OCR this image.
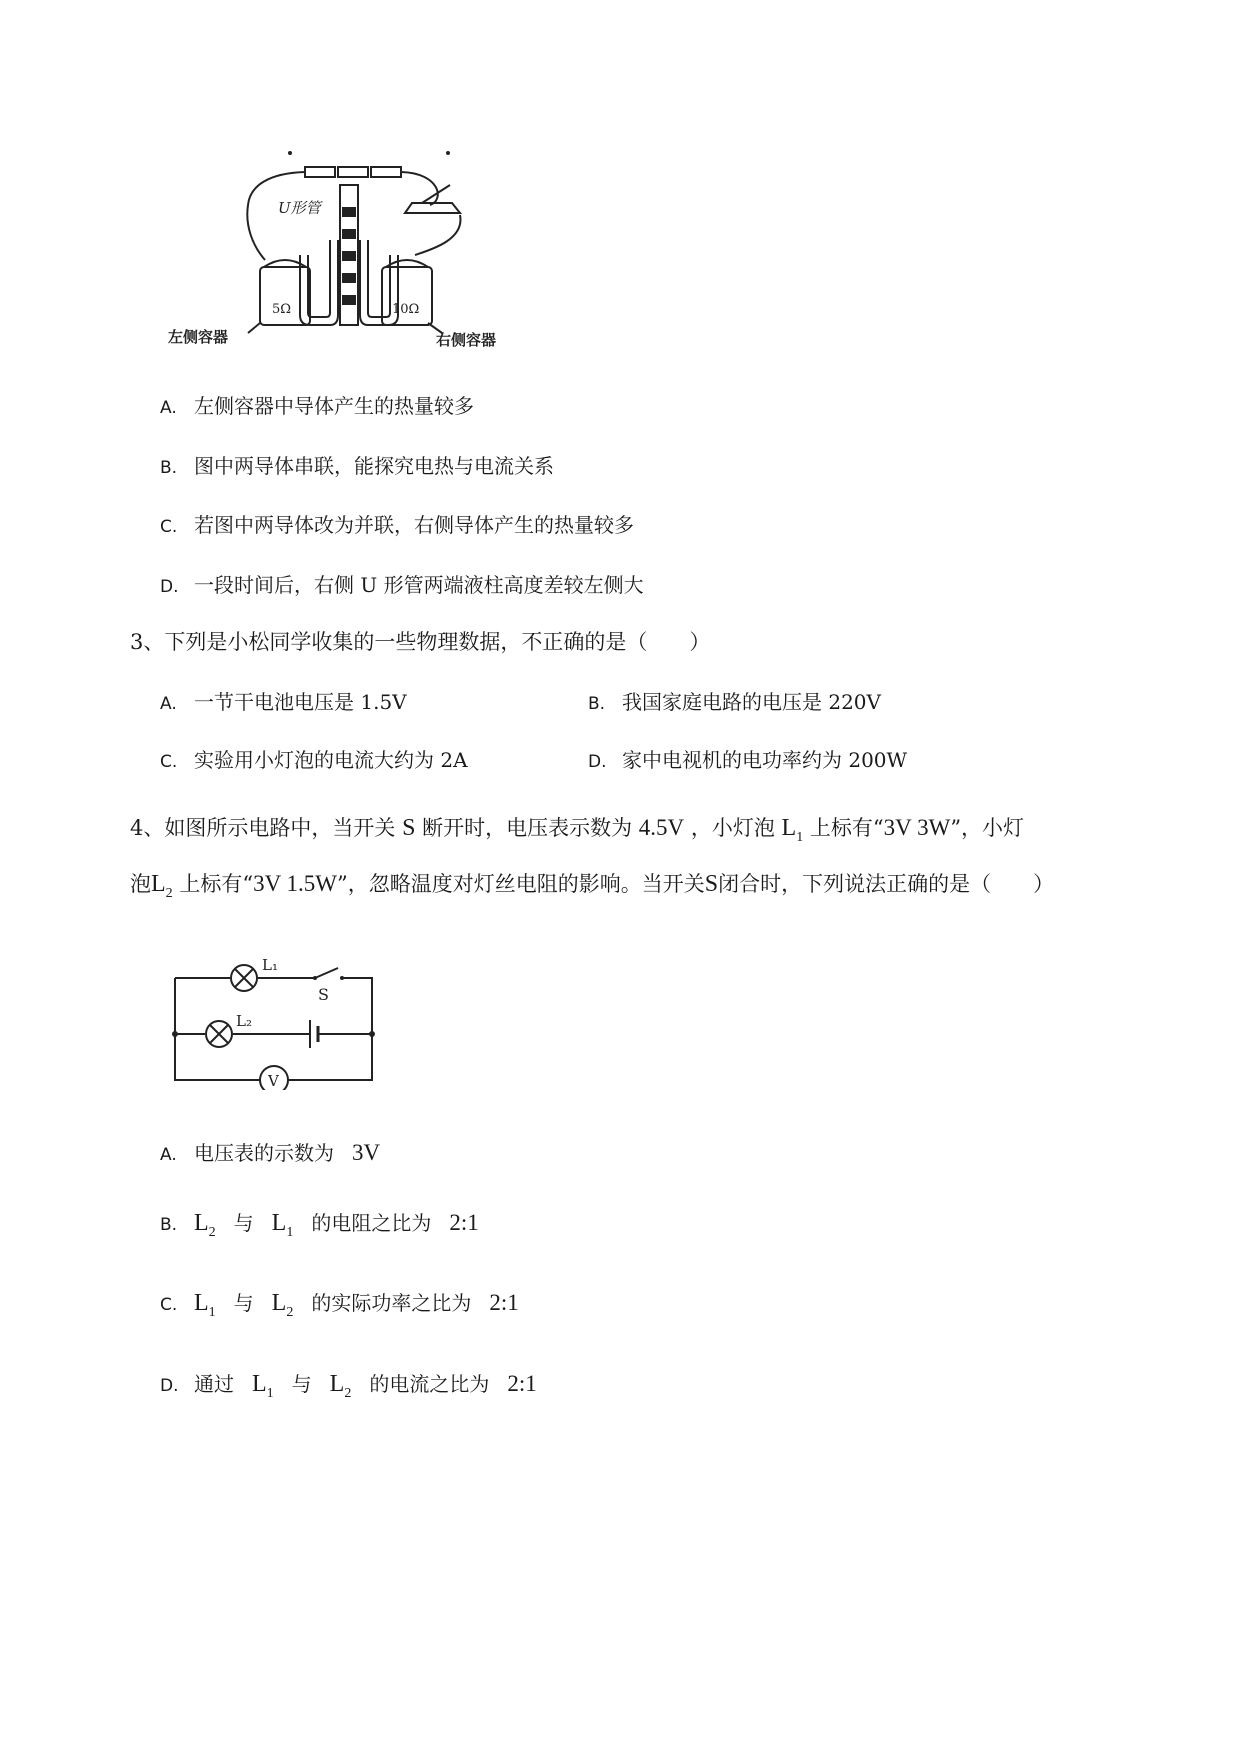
U形管
5Ω	10Ω
左侧容器	右侧容器
A. 左侧容器中导体产生的热量较多
B. 图中两导体串联，能探究电热与电流关系
C. 若图中两导体改为并联，右侧导体产生的热量较多
D. 一段时间后，右侧 U 形管两端液柱高度差较左侧大
3、下列是小松同学收集的一些物理数据，不正确的是（　　）
A. 一节干电池电压是 1.5V	B. 我国家庭电路的电压是 220V
C. 实验用小灯泡的电流大约为 2A	D. 家中电视机的电功率约为 200W
4、如图所示电路中，当开关 S 断开时，电压表示数为 4.5V ，小灯泡 $L_1$ 上标有“3V 3W”，小灯
泡$L_2$ 上标有“3V 1.5W”，忽略温度对灯丝电阻的影响。当开关S闭合时，下列说法正确的是（　　）
L₁
S
L₂
V
A. 电压表的示数为 3V
B. $L_2$ 与 $L_1$ 的电阻之比为 2:1
C. $L_1$ 与 $L_2$ 的实际功率之比为 2:1
D. 通过 $L_1$ 与 $L_2$ 的电流之比为 2:1
